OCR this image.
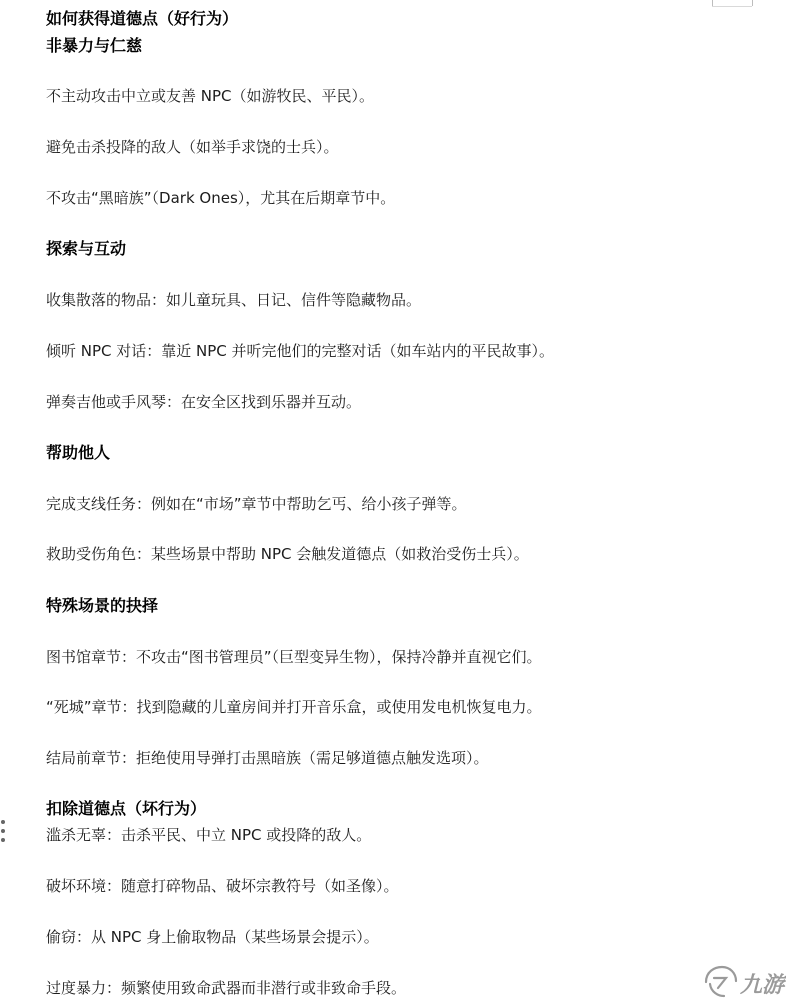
如何获得道德点（好行为）
非暴力与仁慈
不主动攻击中立或友善 NPC（如游牧民、平民）。
避免击杀投降的敌人（如举手求饶的士兵）。
不攻击“黑暗族”（Dark Ones），尤其在后期章节中。
探索与互动
收集散落的物品：如儿童玩具、日记、信件等隐藏物品。
倾听 NPC 对话：靠近 NPC 并听完他们的完整对话（如车站内的平民故事）。
弹奏吉他或手风琴：在安全区找到乐器并互动。
帮助他人
完成支线任务：例如在“市场”章节中帮助乞丐、给小孩子弹等。
救助受伤角色：某些场景中帮助 NPC 会触发道德点（如救治受伤士兵）。
特殊场景的抉择
图书馆章节：不攻击“图书管理员”（巨型变异生物），保持冷静并直视它们。
“死城”章节：找到隐藏的儿童房间并打开音乐盒，或使用发电机恢复电力。
结局前章节：拒绝使用导弹打击黑暗族（需足够道德点触发选项）。
扣除道德点（坏行为）
滥杀无辜：击杀平民、中立 NPC 或投降的敌人。
破坏环境：随意打碎物品、破坏宗教符号（如圣像）。
偷窃：从 NPC 身上偷取物品（某些场景会提示）。
过度暴力：频繁使用致命武器而非潜行或非致命手段。	九游
